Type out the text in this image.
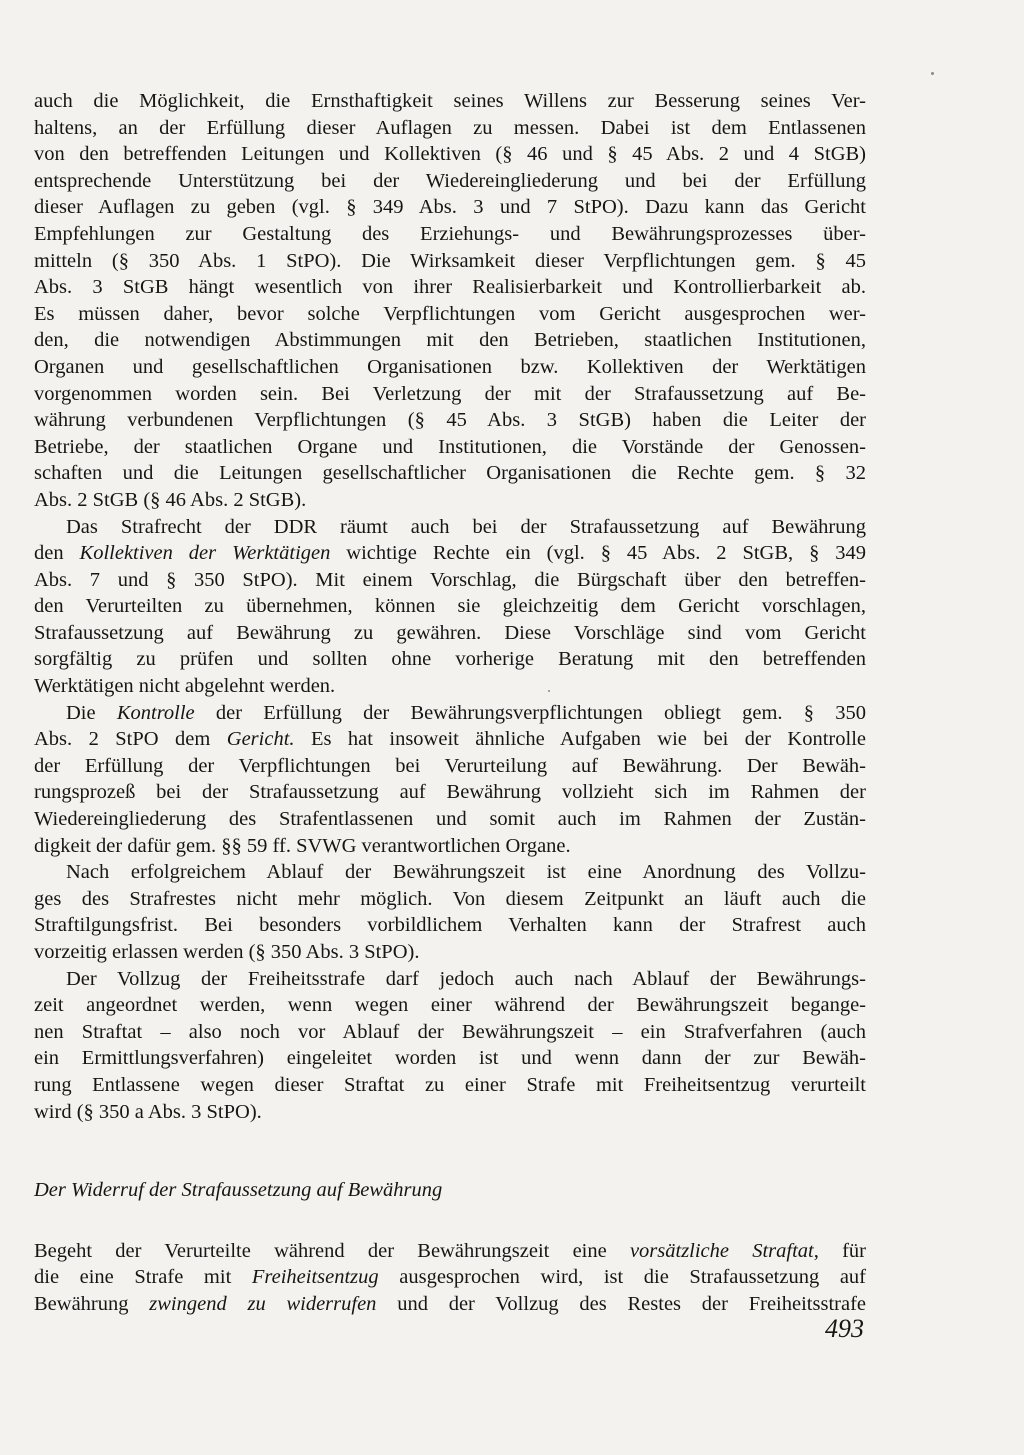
auch die Möglichkeit, die Ernsthaftigkeit seines Willens zur Besserung seines Ver-
haltens, an der Erfüllung dieser Auflagen zu messen. Dabei ist dem Entlassenen
von den betreffenden Leitungen und Kollektiven (§ 46 und § 45 Abs. 2 und 4 StGB)
entsprechende Unterstützung bei der Wiedereingliederung und bei der Erfüllung
dieser Auflagen zu geben (vgl. § 349 Abs. 3 und 7 StPO). Dazu kann das Gericht
Empfehlungen zur Gestaltung des Erziehungs- und Bewährungsprozesses über-
mitteln (§ 350 Abs. 1 StPO). Die Wirksamkeit dieser Verpflichtungen gem. § 45
Abs. 3 StGB hängt wesentlich von ihrer Realisierbarkeit und Kontrollierbarkeit ab.
Es müssen daher, bevor solche Verpflichtungen vom Gericht ausgesprochen wer-
den, die notwendigen Abstimmungen mit den Betrieben, staatlichen Institutionen,
Organen und gesellschaftlichen Organisationen bzw. Kollektiven der Werktätigen
vorgenommen worden sein. Bei Verletzung der mit der Strafaussetzung auf Be-
währung verbundenen Verpflichtungen (§ 45 Abs. 3 StGB) haben die Leiter der
Betriebe, der staatlichen Organe und Institutionen, die Vorstände der Genossen-
schaften und die Leitungen gesellschaftlicher Organisationen die Rechte gem. § 32
Abs. 2 StGB (§ 46 Abs. 2 StGB).
Das Strafrecht der DDR räumt auch bei der Strafaussetzung auf Bewährung
den Kollektiven der Werktätigen wichtige Rechte ein (vgl. § 45 Abs. 2 StGB, § 349
Abs. 7 und § 350 StPO). Mit einem Vorschlag, die Bürgschaft über den betreffen-
den Verurteilten zu übernehmen, können sie gleichzeitig dem Gericht vorschlagen,
Strafaussetzung auf Bewährung zu gewähren. Diese Vorschläge sind vom Gericht
sorgfältig zu prüfen und sollten ohne vorherige Beratung mit den betreffenden
Werktätigen nicht abgelehnt werden.
Die Kontrolle der Erfüllung der Bewährungsverpflichtungen obliegt gem. § 350
Abs. 2 StPO dem Gericht. Es hat insoweit ähnliche Aufgaben wie bei der Kontrolle
der Erfüllung der Verpflichtungen bei Verurteilung auf Bewährung. Der Bewäh-
rungsprozeß bei der Strafaussetzung auf Bewährung vollzieht sich im Rahmen der
Wiedereingliederung des Strafentlassenen und somit auch im Rahmen der Zustän-
digkeit der dafür gem. §§ 59 ff. SVWG verantwortlichen Organe.
Nach erfolgreichem Ablauf der Bewährungszeit ist eine Anordnung des Vollzu-
ges des Strafrestes nicht mehr möglich. Von diesem Zeitpunkt an läuft auch die
Straftilgungsfrist. Bei besonders vorbildlichem Verhalten kann der Strafrest auch
vorzeitig erlassen werden (§ 350 Abs. 3 StPO).
Der Vollzug der Freiheitsstrafe darf jedoch auch nach Ablauf der Bewährungs-
zeit angeordnet werden, wenn wegen einer während der Bewährungszeit begange-
nen Straftat – also noch vor Ablauf der Bewährungszeit – ein Strafverfahren (auch
ein Ermittlungsverfahren) eingeleitet worden ist und wenn dann der zur Bewäh-
rung Entlassene wegen dieser Straftat zu einer Strafe mit Freiheitsentzug verurteilt
wird (§ 350 a Abs. 3 StPO).
Der Widerruf der Strafaussetzung auf Bewährung
Begeht der Verurteilte während der Bewährungszeit eine vorsätzliche Straftat, für
die eine Strafe mit Freiheitsentzug ausgesprochen wird, ist die Strafaussetzung auf
Bewährung zwingend zu widerrufen und der Vollzug des Restes der Freiheitsstrafe
493
